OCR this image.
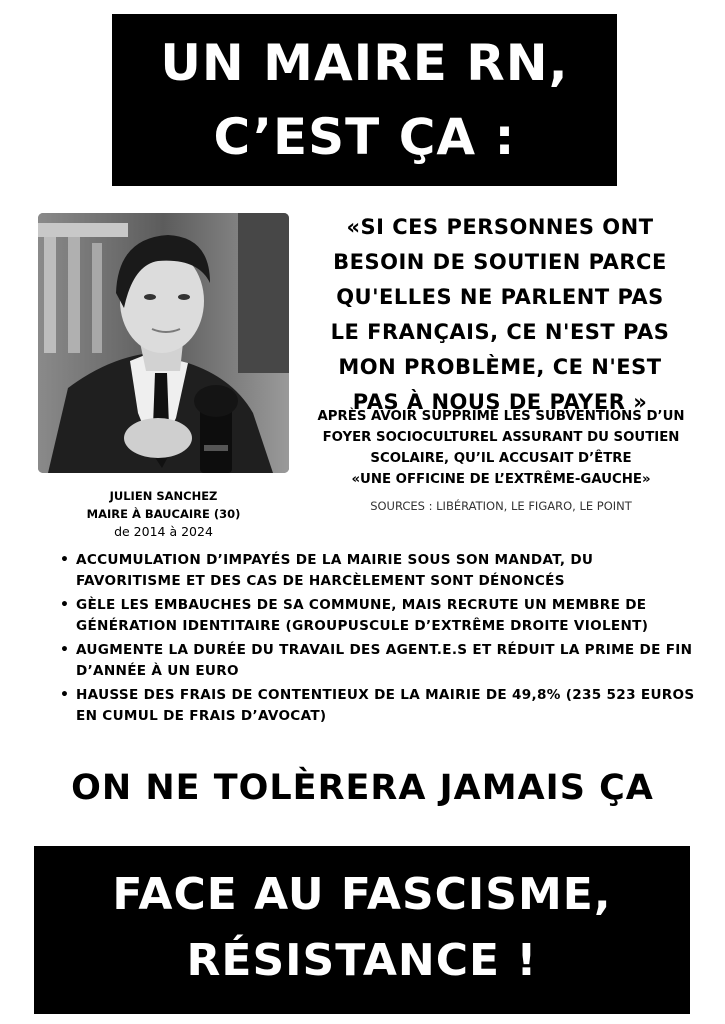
UN MAIRE RN,
C’EST ÇA :
«SI CES PERSONNES ONT BESOIN DE SOUTIEN PARCE QU'ELLES NE PARLENT PAS LE FRANÇAIS, CE N'EST PAS MON PROBLÈME, CE N'EST PAS À NOUS DE PAYER »
APRÈS AVOIR SUPPRIMÉ LES SUBVENTIONS D’UN FOYER SOCIOCULTUREL ASSURANT DU SOUTIEN SCOLAIRE, QU’IL ACCUSAIT D’ÊTRE
«UNE OFFICINE DE L’EXTRÊME-GAUCHE»
SOURCES : LIBÉRATION, LE FIGARO, LE POINT
JULIEN SANCHEZ
MAIRE À BAUCAIRE (30)
de 2014 à 2024
• ACCUMULATION D’IMPAYÉS DE LA MAIRIE SOUS SON MANDAT, DU FAVORITISME ET DES CAS DE HARCÈLEMENT SONT DÉNONCÉS
• GÈLE LES EMBAUCHES DE SA COMMUNE, MAIS RECRUTE UN MEMBRE DE GÉNÉRATION IDENTITAIRE (GROUPUSCULE D’EXTRÊME DROITE VIOLENT)
• AUGMENTE LA DURÉE DU TRAVAIL DES AGENT.E.S ET RÉDUIT LA PRIME DE FIN D’ANNÉE À UN EURO
• HAUSSE DES FRAIS DE CONTENTIEUX DE LA MAIRIE DE 49,8% (235 523 EUROS EN CUMUL DE FRAIS D’AVOCAT)
ON NE TOLÈRERA JAMAIS ÇA
FACE AU FASCISME,
RÉSISTANCE !
